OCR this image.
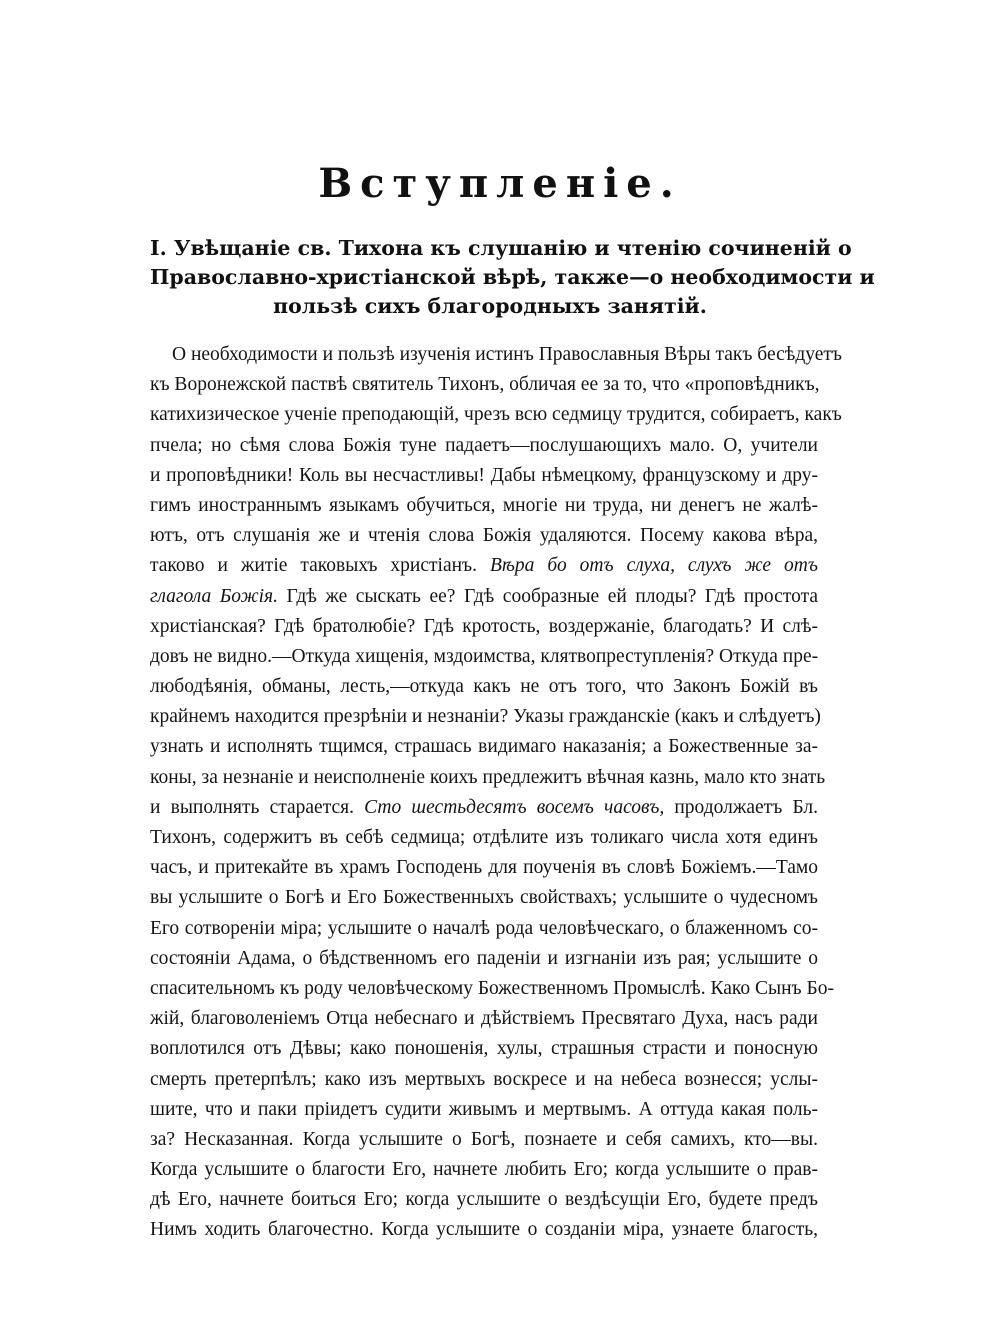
Вступленіе.
I. Увѣщаніе св. Тихона къ слушанію и чтенію сочиненій о
Православно-христіанской вѣрѣ, также—о необходимости и
пользѣ сихъ благородныхъ занятій.
О необходимости и пользѣ изученія истинъ Православныя Вѣры такъ бесѣдуетъ
къ Воронежской паствѣ святитель Тихонъ, обличая ее за то, что «проповѣдникъ,
катихизическое ученіе преподающій, чрезъ всю седмицу трудится, собираетъ, какъ
пчела; но сѣмя слова Божія туне падаетъ—послушающихъ мало. О, учители
и проповѣдники! Коль вы несчастливы! Дабы нѣмецкому, французскому и дру-
гимъ иностраннымъ языкамъ обучиться, многіе ни труда, ни денегъ не жалѣ-
ютъ, отъ слушанія же и чтенія слова Божія удаляются. Посему какова вѣра,
таково и житіе таковыхъ христіанъ. Вѣра бо отъ слуха, слухъ же отъ
глагола Божія. Гдѣ же сыскать ее? Гдѣ сообразные ей плоды? Гдѣ простота
христіанская? Гдѣ братолюбіе? Гдѣ кротость, воздержаніе, благодать? И слѣ-
довъ не видно.—Откуда хищенія, мздоимства, клятвопреступленія? Откуда пре-
любодѣянія, обманы, лесть,—откуда какъ не отъ того, что Законъ Божій въ
крайнемъ находится презрѣніи и незнаніи? Указы гражданскіе (какъ и слѣдуетъ)
узнать и исполнять тщимся, страшась видимаго наказанія; а Божественные за-
коны, за незнаніе и неисполненіе коихъ предлежитъ вѣчная казнь, мало кто знать
и выполнять старается. Сто шестьдесятъ восемъ часовъ, продолжаетъ Бл.
Тихонъ, содержитъ въ себѣ седмица; отдѣлите изъ толикаго числа хотя единъ
часъ, и притекайте въ храмъ Господень для поученія въ словѣ Божіемъ.—Тамо
вы услышите о Богѣ и Его Божественныхъ свойствахъ; услышите о чудесномъ
Его сотвореніи міра; услышите о началѣ рода человѣческаго, о блаженномъ со-
состояніи Адама, о бѣдственномъ его паденіи и изгнаніи изъ рая; услышите о
спасительномъ къ роду человѣческому Божественномъ Промыслѣ. Како Сынъ Бо-
жій, благоволеніемъ Отца небеснаго и дѣйствіемъ Пресвятаго Духа, насъ ради
воплотился отъ Дѣвы; како поношенія, хулы, страшныя страсти и поносную
смерть претерпѣлъ; како изъ мертвыхъ воскресе и на небеса вознесся; услы-
шите, что и паки пріидетъ судити живымъ и мертвымъ. А оттуда какая поль-
за? Несказанная. Когда услышите о Богѣ, познаете и себя самихъ, кто—вы.
Когда услышите о благости Его, начнете любить Его; когда услышите о прав-
дѣ Его, начнете боиться Его; когда услышите о вездѣсущіи Его, будете предъ
Нимъ ходить благочестно. Когда услышите о созданіи міра, узнаете благость,
